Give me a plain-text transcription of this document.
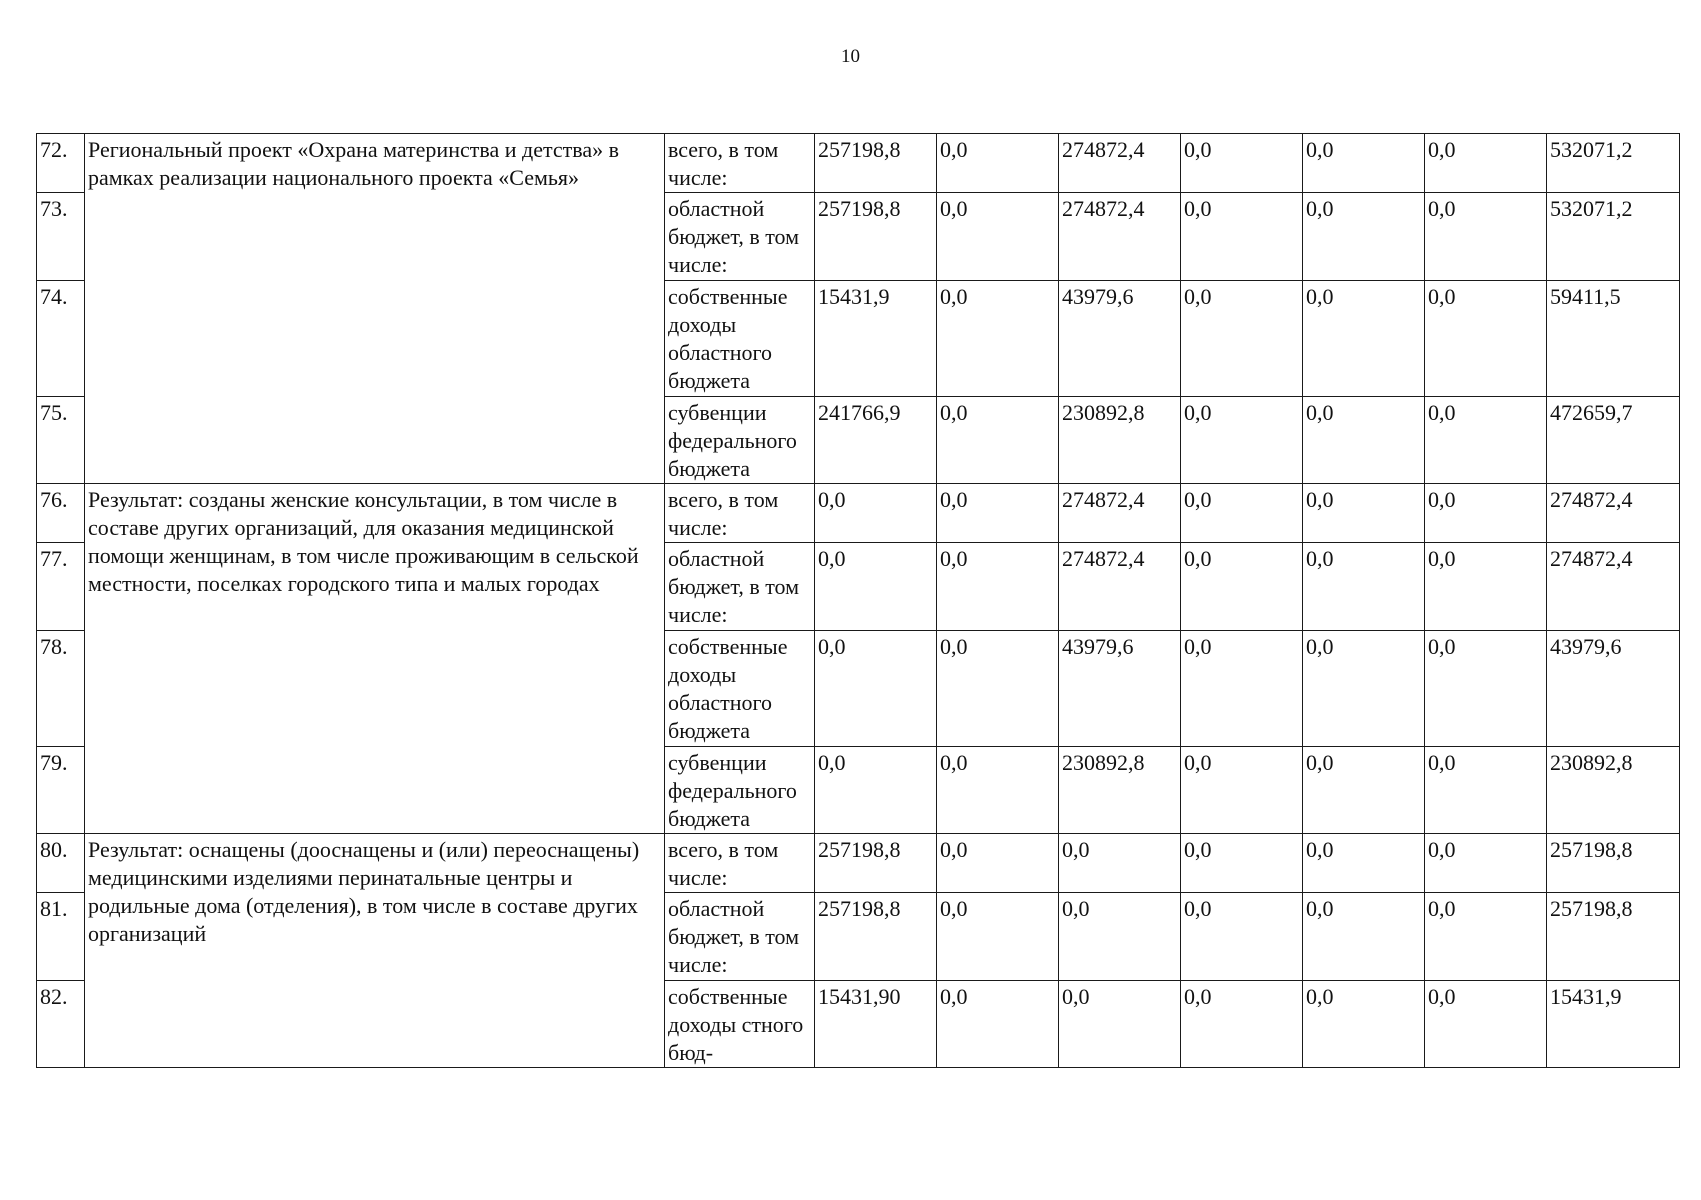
10
72.	Региональный проект «Охрана материнства и детства» в рамках реализации национального проекта «Семья»	всего, в том числе:	257198,8	0,0	274872,4	0,0	0,0	0,0	532071,2
73.		областной бюджет, в том числе:	257198,8	0,0	274872,4	0,0	0,0	0,0	532071,2
74.		собственные доходы областного бюджета	15431,9	0,0	43979,6	0,0	0,0	0,0	59411,5
75.		субвенции федерального бюджета	241766,9	0,0	230892,8	0,0	0,0	0,0	472659,7
76.	Результат: созданы женские консультации, в том числе в составе других организаций, для оказания медицинской помощи женщинам, в том числе проживающим в сельской местности, поселках городского типа и малых городах	всего, в том числе:	0,0	0,0	274872,4	0,0	0,0	0,0	274872,4
77.		областной бюджет, в том числе:	0,0	0,0	274872,4	0,0	0,0	0,0	274872,4
78.		собственные доходы областного бюджета	0,0	0,0	43979,6	0,0	0,0	0,0	43979,6
79.		субвенции федерального бюджета	0,0	0,0	230892,8	0,0	0,0	0,0	230892,8
80.	Результат: оснащены (дооснащены и (или) переоснащены) медицинскими изделиями перинатальные центры и родильные дома (отделения), в том числе в составе других организаций	всего, в том числе:	257198,8	0,0	0,0	0,0	0,0	0,0	257198,8
81.		областной бюджет, в том числе:	257198,8	0,0	0,0	0,0	0,0	0,0	257198,8
82.		собственные доходы стного бюд-	15431,90	0,0	0,0	0,0	0,0	0,0	15431,9
